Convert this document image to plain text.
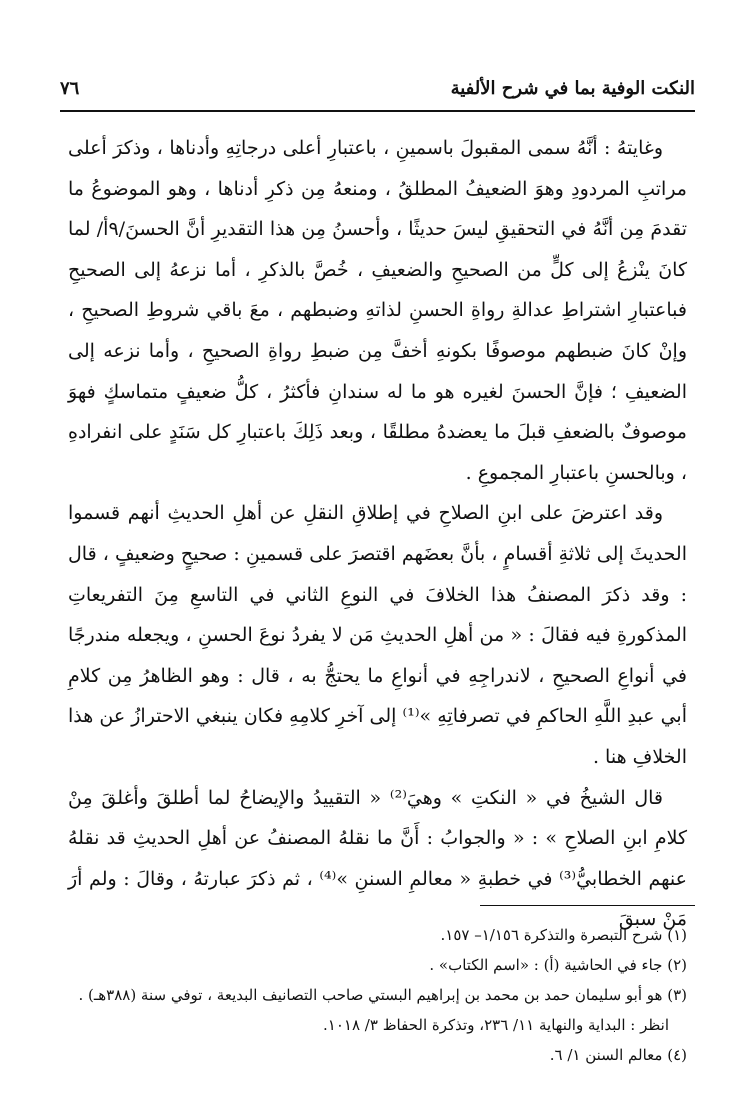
النكت الوفية بما في شرح الألفية
٧٦

وغايتهُ : أنَّهُ سمى المقبولَ باسمينِ ، باعتبارِ أعلى درجاتِهِ وأدناها ، وذكرَ أعلى مراتبِ المردودِ وهوَ الضعيفُ المطلقُ ، ومنعهُ مِن ذكرِ أدناها ، وهو الموضوعُ ما تقدمَ مِن أنَّهُ في التحقيقِ ليسَ حديثًا ، وأحسنُ مِن هذا التقديرِ أنَّ الحسنَ/٩أ/ لما كانَ ينْزعُ إلى كلٍّ من الصحيحِ والضعيفِ ، خُصَّ بالذكرِ ، أما نزعهُ إلى الصحيحِ فباعتبارِ اشتراطِ عدالةِ رواةِ الحسنِ لذاتهِ وضبطهم ، معَ باقي شروطِ الصحيحِ ، وإنْ كانَ ضبطهم موصوفًا بكونهِ أخفَّ مِن ضبطِ رواةِ الصحيحِ ، وأما نزعه إلى الضعيفِ ؛ فإنَّ الحسنَ لغيره هو ما له سندانِ فأكثرُ ، كلُّ ضعيفٍ متماسكٍ فهوَ موصوفٌ بالضعفِ قبلَ ما يعضدهُ مطلقًا ، وبعد ذَلِكَ باعتبارِ كل سَنَدٍ على انفرادهِ ، وبالحسنِ باعتبارِ المجموعِ .

وقد اعترضَ على ابنِ الصلاحِ في إطلاقِ النقلِ عن أهلِ الحديثِ أنهم قسموا الحديثَ إلى ثلاثةِ أقسامٍ ، بأنَّ بعضَهم اقتصرَ على قسمينِ : صحيحٍ وضعيفٍ ، قال : وقد ذكرَ المصنفُ هذا الخلافَ في النوعِ الثاني في التاسعِ مِنَ التفريعاتِ المذكورةِ فيه فقالَ : « من أهلِ الحديثِ مَن لا يفردُ نوعَ الحسنِ ، ويجعله مندرجًا في أنواعِ الصحيحِ ، لاندراجِهِ في أنواعِ ما يحتجُّ به ، قال : وهو الظاهرُ مِن كلامِ أبي عبدِ اللَّهِ الحاكمِ في تصرفاتِهِ »⁽¹⁾ إلى آخرِ كلامِهِ فكان ينبغي الاحترازُ عن هذا الخلافِ هنا .

قال الشيخُ في « النكتِ » وهيَ⁽²⁾ « التقييدُ والإيضاحُ لما أطلقَ وأغلقَ مِنْ كلامِ ابنِ الصلاحِ » : « والجوابُ : أَنَّ ما نقلهُ المصنفُ عن أهلِ الحديثِ قد نقلهُ عنهم الخطابيُّ⁽³⁾ في خطبةِ « معالمِ السننِ »⁽⁴⁾ ، ثم ذكرَ عبارتهُ ، وقالَ : ولم أرَ مَنْ سبقَ

(١) شرح التبصرة والتذكرة ١/١٥٦– ١٥٧.

(٢) جاء في الحاشية (أ) : «اسم الكتاب» .

(٣) هو أبو سليمان حمد بن محمد بن إبراهيم البستي صاحب التصانيف البديعة ، توفي سنة (٣٨٨هـ) .

انظر : البداية والنهاية ١١/ ٢٣٦، وتذكرة الحفاظ ٣/ ١٠١٨.

(٤) معالم السنن ١/ ٦.
